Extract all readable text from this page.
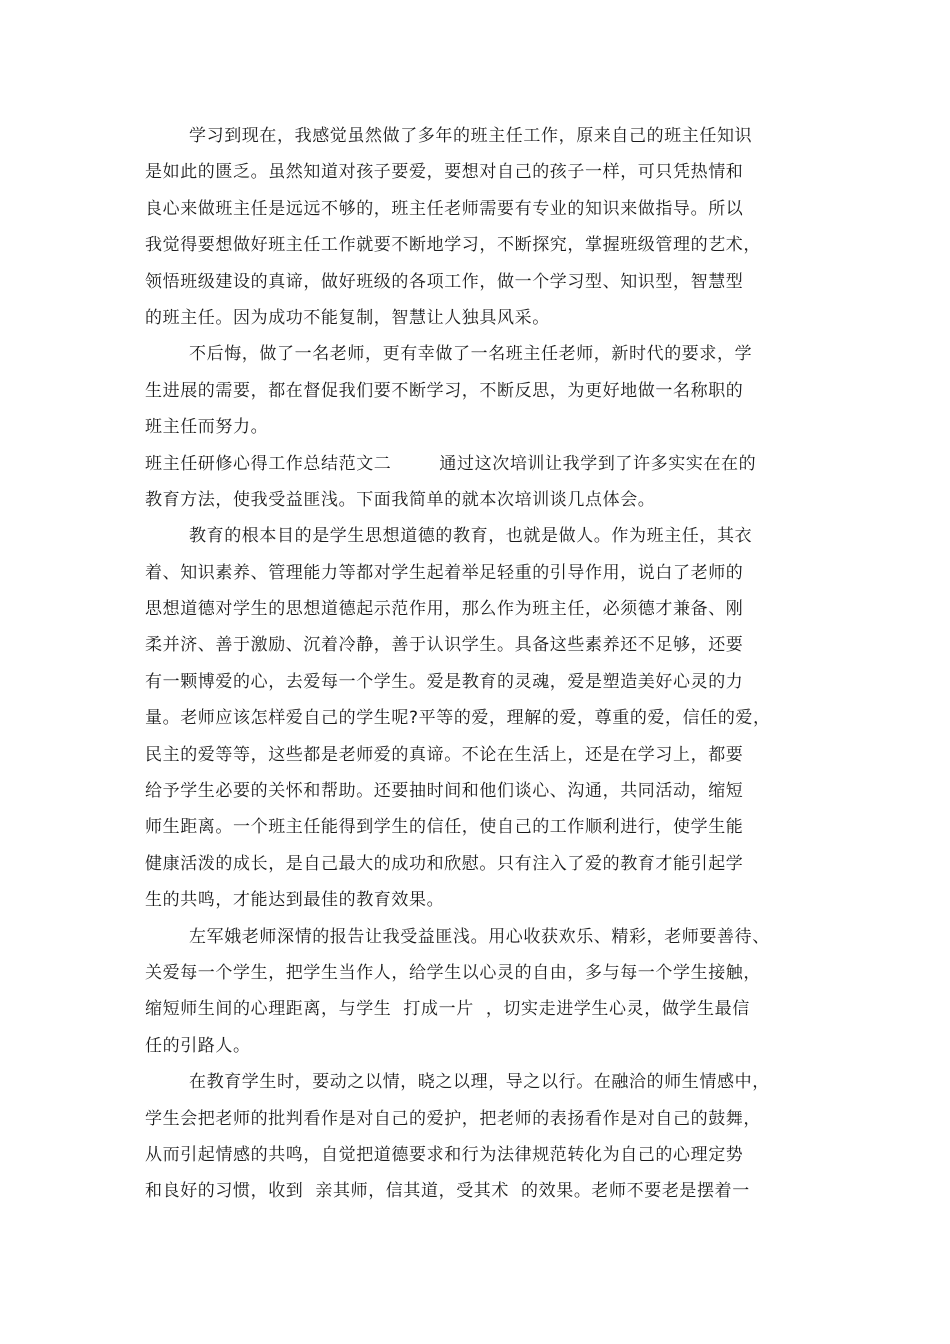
学习到现在，我感觉虽然做了多年的班主任工作，原来自己的班主任知识
是如此的匮乏。虽然知道对孩子要爱，要想对自己的孩子一样，可只凭热情和
良心来做班主任是远远不够的，班主任老师需要有专业的知识来做指导。所以
我觉得要想做好班主任工作就要不断地学习，不断探究，掌握班级管理的艺术，
领悟班级建设的真谛，做好班级的各项工作，做一个学习型、知识型，智慧型
的班主任。因为成功不能复制，智慧让人独具风采。
不后悔，做了一名老师，更有幸做了一名班主任老师，新时代的要求，学
生进展的需要，都在督促我们要不断学习，不断反思，为更好地做一名称职的
班主任而努力。
班主任研修心得工作总结范文二        通过这次培训让我学到了许多实实在在的
教育方法，使我受益匪浅。下面我简单的就本次培训谈几点体会。
教育的根本目的是学生思想道德的教育，也就是做人。作为班主任，其衣
着、知识素养、管理能力等都对学生起着举足轻重的引导作用，说白了老师的
思想道德对学生的思想道德起示范作用，那么作为班主任，必须德才兼备、刚
柔并济、善于激励、沉着冷静，善于认识学生。具备这些素养还不足够，还要
有一颗博爱的心，去爱每一个学生。爱是教育的灵魂，爱是塑造美好心灵的力
量。老师应该怎样爱自己的学生呢?平等的爱，理解的爱，尊重的爱，信任的爱，
民主的爱等等，这些都是老师爱的真谛。不论在生活上，还是在学习上，都要
给予学生必要的关怀和帮助。还要抽时间和他们谈心、沟通，共同活动，缩短
师生距离。一个班主任能得到学生的信任，使自己的工作顺利进行，使学生能
健康活泼的成长，是自己最大的成功和欣慰。只有注入了爱的教育才能引起学
生的共鸣，才能达到最佳的教育效果。
左军娥老师深情的报告让我受益匪浅。用心收获欢乐、精彩，老师要善待、
关爱每一个学生，把学生当作人，给学生以心灵的自由，多与每一个学生接触，
缩短师生间的心理距离，与学生  打成一片  ，切实走进学生心灵，做学生最信
任的引路人。
在教育学生时，要动之以情，晓之以理，导之以行。在融洽的师生情感中，
学生会把老师的批判看作是对自己的爱护，把老师的表扬看作是对自己的鼓舞，
从而引起情感的共鸣，自觉把道德要求和行为法律规范转化为自己的心理定势
和良好的习惯，收到  亲其师，信其道，受其术  的效果。老师不要老是摆着一
